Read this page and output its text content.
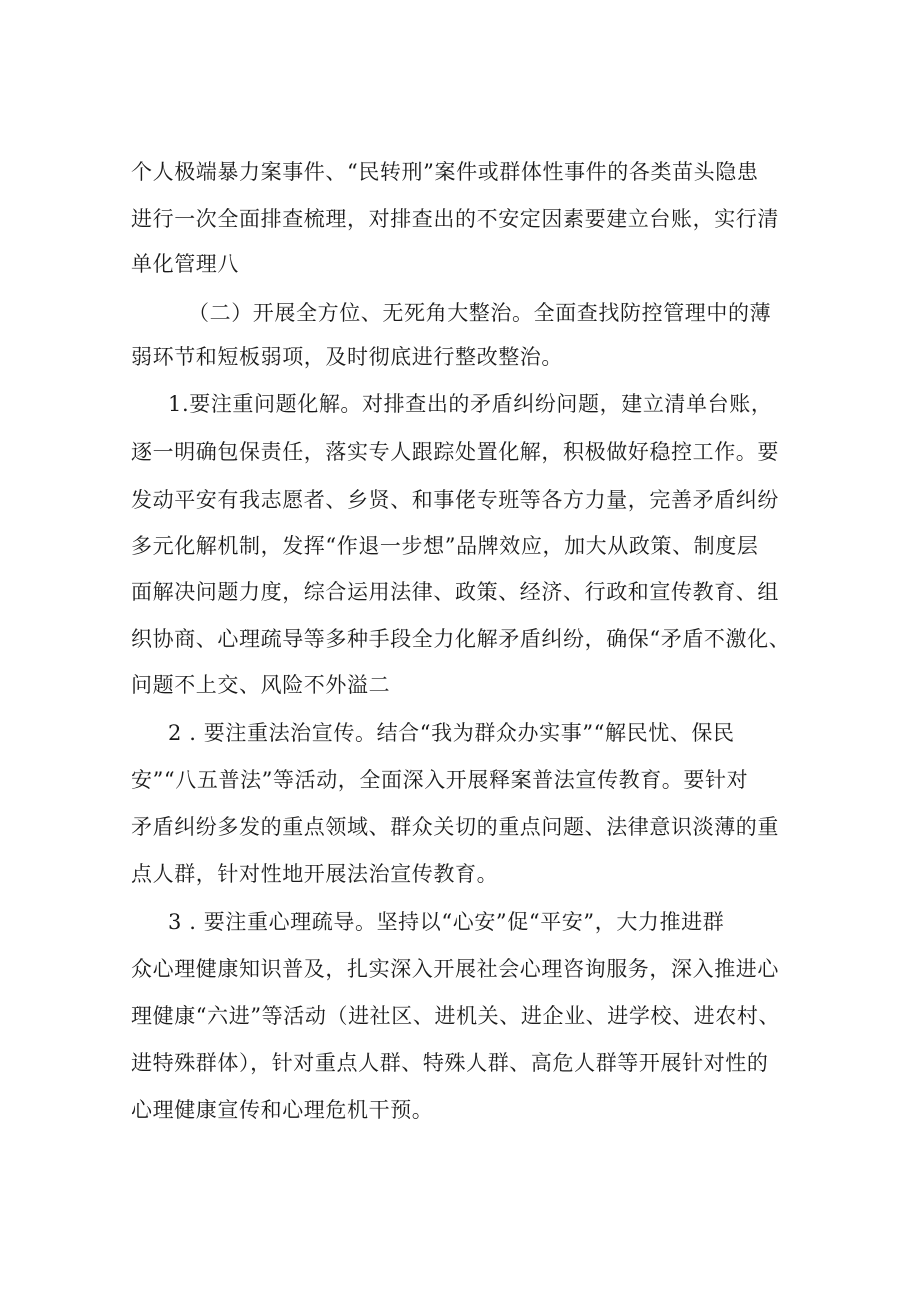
个人极端暴力案事件、“民转刑”案件或群体性事件的各类苗头隐患
进行一次全面排查梳理，对排查出的不安定因素要建立台账，实行清
单化管理八
（二）开展全方位、无死角大整治。全面查找防控管理中的薄
弱环节和短板弱项，及时彻底进行整改整治。
1.要注重问题化解。对排查出的矛盾纠纷问题，建立清单台账，
逐一明确包保责任，落实专人跟踪处置化解，积极做好稳控工作。要
发动平安有我志愿者、乡贤、和事佬专班等各方力量，完善矛盾纠纷
多元化解机制，发挥“作退一步想”品牌效应，加大从政策、制度层
面解决问题力度，综合运用法律、政策、经济、行政和宣传教育、组
织协商、心理疏导等多种手段全力化解矛盾纠纷，确保“矛盾不激化、
问题不上交、风险不外溢二
2 . 要注重法治宣传。结合“我为群众办实事”“解民忧、保民
安”“八五普法”等活动，全面深入开展释案普法宣传教育。要针对
矛盾纠纷多发的重点领域、群众关切的重点问题、法律意识淡薄的重
点人群，针对性地开展法治宣传教育。
3 . 要注重心理疏导。坚持以“心安”促“平安”，大力推进群
众心理健康知识普及，扎实深入开展社会心理咨询服务，深入推进心
理健康“六进”等活动（进社区、进机关、进企业、进学校、进农村、
进特殊群体），针对重点人群、特殊人群、高危人群等开展针对性的
心理健康宣传和心理危机干预。
